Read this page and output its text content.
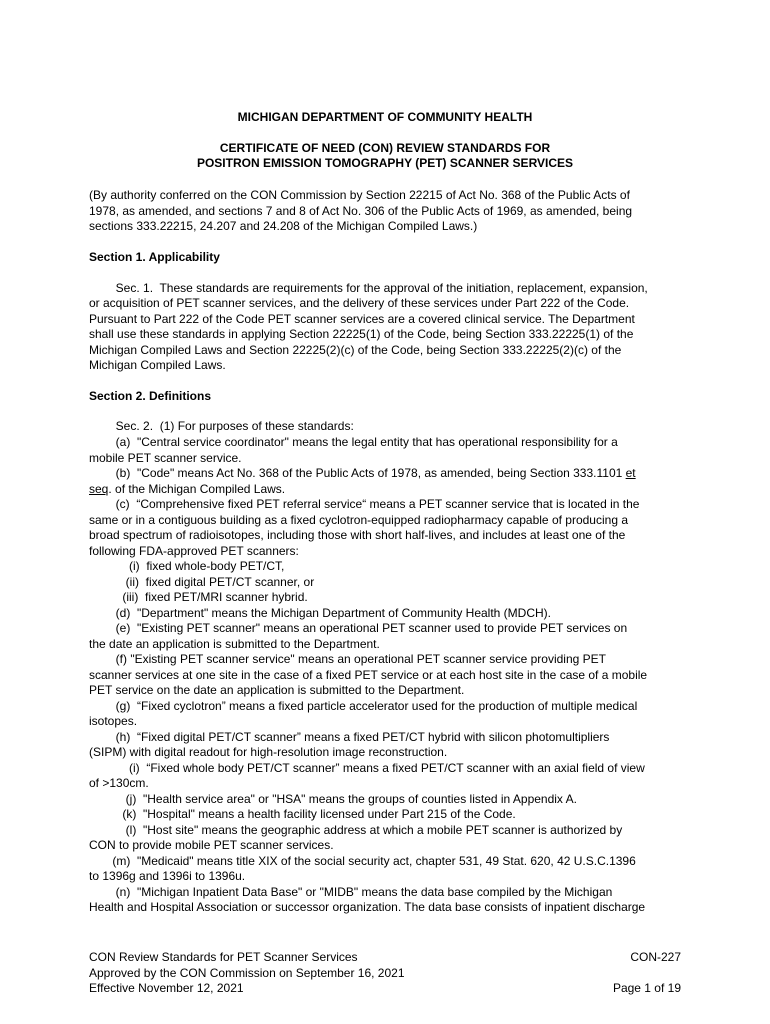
MICHIGAN DEPARTMENT OF COMMUNITY HEALTH
CERTIFICATE OF NEED (CON) REVIEW STANDARDS FOR
POSITRON EMISSION TOMOGRAPHY (PET) SCANNER SERVICES
(By authority conferred on the CON Commission by Section 22215 of Act No. 368 of the Public Acts of
1978, as amended, and sections 7 and 8 of Act No. 306 of the Public Acts of 1969, as amended, being
sections 333.22215, 24.207 and 24.208 of the Michigan Compiled Laws.)
Section 1. Applicability
Sec. 1.  These standards are requirements for the approval of the initiation, replacement, expansion,
or acquisition of PET scanner services, and the delivery of these services under Part 222 of the Code.
Pursuant to Part 222 of the Code PET scanner services are a covered clinical service. The Department
shall use these standards in applying Section 22225(1) of the Code, being Section 333.22225(1) of the
Michigan Compiled Laws and Section 22225(2)(c) of the Code, being Section 333.22225(2)(c) of the
Michigan Compiled Laws.
Section 2. Definitions
Sec. 2.  (1) For purposes of these standards:
(a)  "Central service coordinator" means the legal entity that has operational responsibility for a
mobile PET scanner service.
(b)  "Code" means Act No. 368 of the Public Acts of 1978, as amended, being Section 333.1101 et
seq. of the Michigan Compiled Laws.
(c)  “Comprehensive fixed PET referral service“ means a PET scanner service that is located in the
same or in a contiguous building as a fixed cyclotron-equipped radiopharmacy capable of producing a
broad spectrum of radioisotopes, including those with short half-lives, and includes at least one of the
following FDA-approved PET scanners:
(i)  fixed whole-body PET/CT,
(ii)  fixed digital PET/CT scanner, or
(iii)  fixed PET/MRI scanner hybrid.
(d)  "Department" means the Michigan Department of Community Health (MDCH).
(e)  "Existing PET scanner" means an operational PET scanner used to provide PET services on
the date an application is submitted to the Department.
(f) "Existing PET scanner service" means an operational PET scanner service providing PET
scanner services at one site in the case of a fixed PET service or at each host site in the case of a mobile
PET service on the date an application is submitted to the Department.
(g)  “Fixed cyclotron” means a fixed particle accelerator used for the production of multiple medical
isotopes.
(h)  “Fixed digital PET/CT scanner” means a fixed PET/CT hybrid with silicon photomultipliers
(SIPM) with digital readout for high-resolution image reconstruction.
(i)  “Fixed whole body PET/CT scanner” means a fixed PET/CT scanner with an axial field of view
of >130cm.
(j)  "Health service area" or "HSA" means the groups of counties listed in Appendix A.
(k)  "Hospital" means a health facility licensed under Part 215 of the Code.
(l)  "Host site" means the geographic address at which a mobile PET scanner is authorized by
CON to provide mobile PET scanner services.
(m)  "Medicaid" means title XIX of the social security act, chapter 531, 49 Stat. 620, 42 U.S.C.1396
to 1396g and 1396i to 1396u.
(n)  "Michigan Inpatient Data Base" or "MIDB" means the data base compiled by the Michigan
Health and Hospital Association or successor organization. The data base consists of inpatient discharge
CON Review Standards for PET Scanner Services
Approved by the CON Commission on September 16, 2021
Effective November 12, 2021
CON-227

Page 1 of 19
